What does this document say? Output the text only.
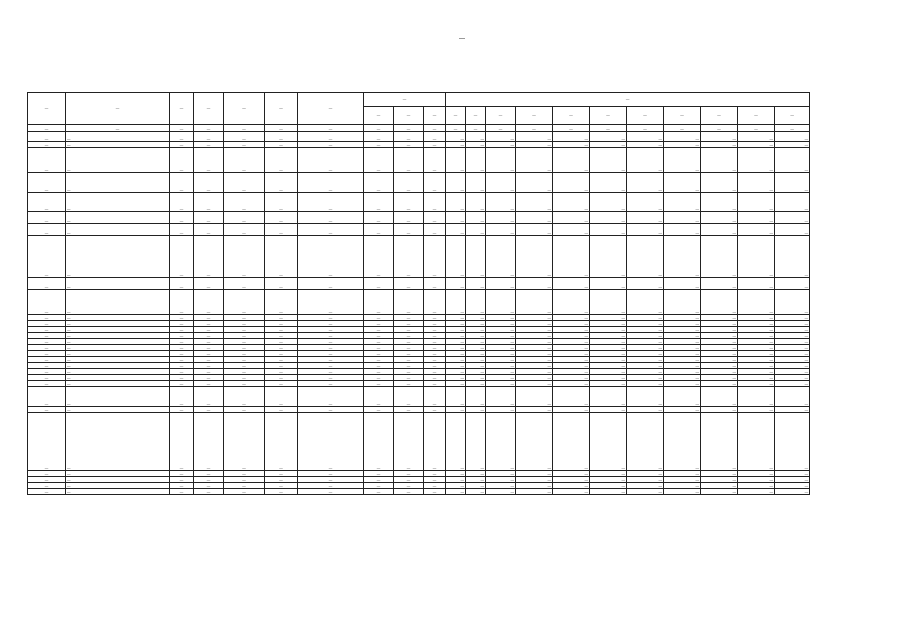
—
—	—	—	—	—	—	—	—			—										
							—	—	—	—	—	—	—	—	—	—	—	—	—	—
—	—	—	—	—	—	—	—	—	—	—	—	—	—	—	—	—	—	—	—	—
—	—	—	—	—	—	—	—	—	—	—	—	—	—	—	—	—	—	—	—	—
—	—	—	—	—	—	—	—	—	—	—	—	—	—	—	—	—	—	—	—	—
—	—	—	—	—	—	—	—	—	—	—	—	—	—	—	—	—	—	—	—	—
—	—	—	—	—	—	—	—	—	—	—	—	—	—	—	—	—	—	—	—	—
—	—	—	—	—	—	—	—	—	—	—	—	—	—	—	—	—	—	—	—	—
—	—	—	—	—	—	—	—	—	—	—	—	—	—	—	—	—	—	—	—	—
—	—	—	—	—	—	—	—	—	—	—	—	—	—	—	—	—	—	—	—	—
—	—	—	—	—	—	—	—	—	—	—	—	—	—	—	—	—	—	—	—	—
—	—	—	—	—	—	—	—	—	—	—	—	—	—	—	—	—	—	—	—	—
—	—	—	—	—	—	—	—	—	—	—	—	—	—	—	—	—	—	—	—	—
—	—	—	—	—	—	—	—	—	—	—	—	—	—	—	—	—	—	—	—	—
—	—	—	—	—	—	—	—	—	—	—	—	—	—	—	—	—	—	—	—	—
—	—	—	—	—	—	—	—	—	—	—	—	—	—	—	—	—	—	—	—	—
—	—	—	—	—	—	—	—	—	—	—	—	—	—	—	—	—	—	—	—	—
—	—	—	—	—	—	—	—	—	—	—	—	—	—	—	—	—	—	—	—	—
—	—	—	—	—	—	—	—	—	—	—	—	—	—	—	—	—	—	—	—	—
—	—	—	—	—	—	—	—	—	—	—	—	—	—	—	—	—	—	—	—	—
—	—	—	—	—	—	—	—	—	—	—	—	—	—	—	—	—	—	—	—	—
—	—	—	—	—	—	—	—	—	—	—	—	—	—	—	—	—	—	—	—	—
—	—	—	—	—	—	—	—	—	—	—	—	—	—	—	—	—	—	—	—	—
—	—	—	—	—	—	—	—	—	—	—	—	—	—	—	—	—	—	—	—	—
—	—	—	—	—	—	—	—	—	—	—	—	—	—	—	—	—	—	—	—	—
—	—	—	—	—	—	—	—	—	—	—	—	—	—	—	—	—	—	—	—	—
—	—	—	—	—	—	—	—	—	—	—	—	—	—	—	—	—	—	—	—	—
—	—	—	—	—	—	—	—	—	—	—	—	—	—	—	—	—	—	—	—	—
—	—	—	—	—	—	—	—	—	—	—	—	—	—	—	—	—	—	—	—	—
—	—	—	—	—	—	—	—	—	—	—	—	—	—	—	—	—	—	—	—	—
—	—	—	—	—	—	—	—	—	—	—	—	—	—	—	—	—	—	—	—	—
—	—	—	—	—	—	—	—	—	—	—	—	—	—	—	—	—	—	—	—	—
